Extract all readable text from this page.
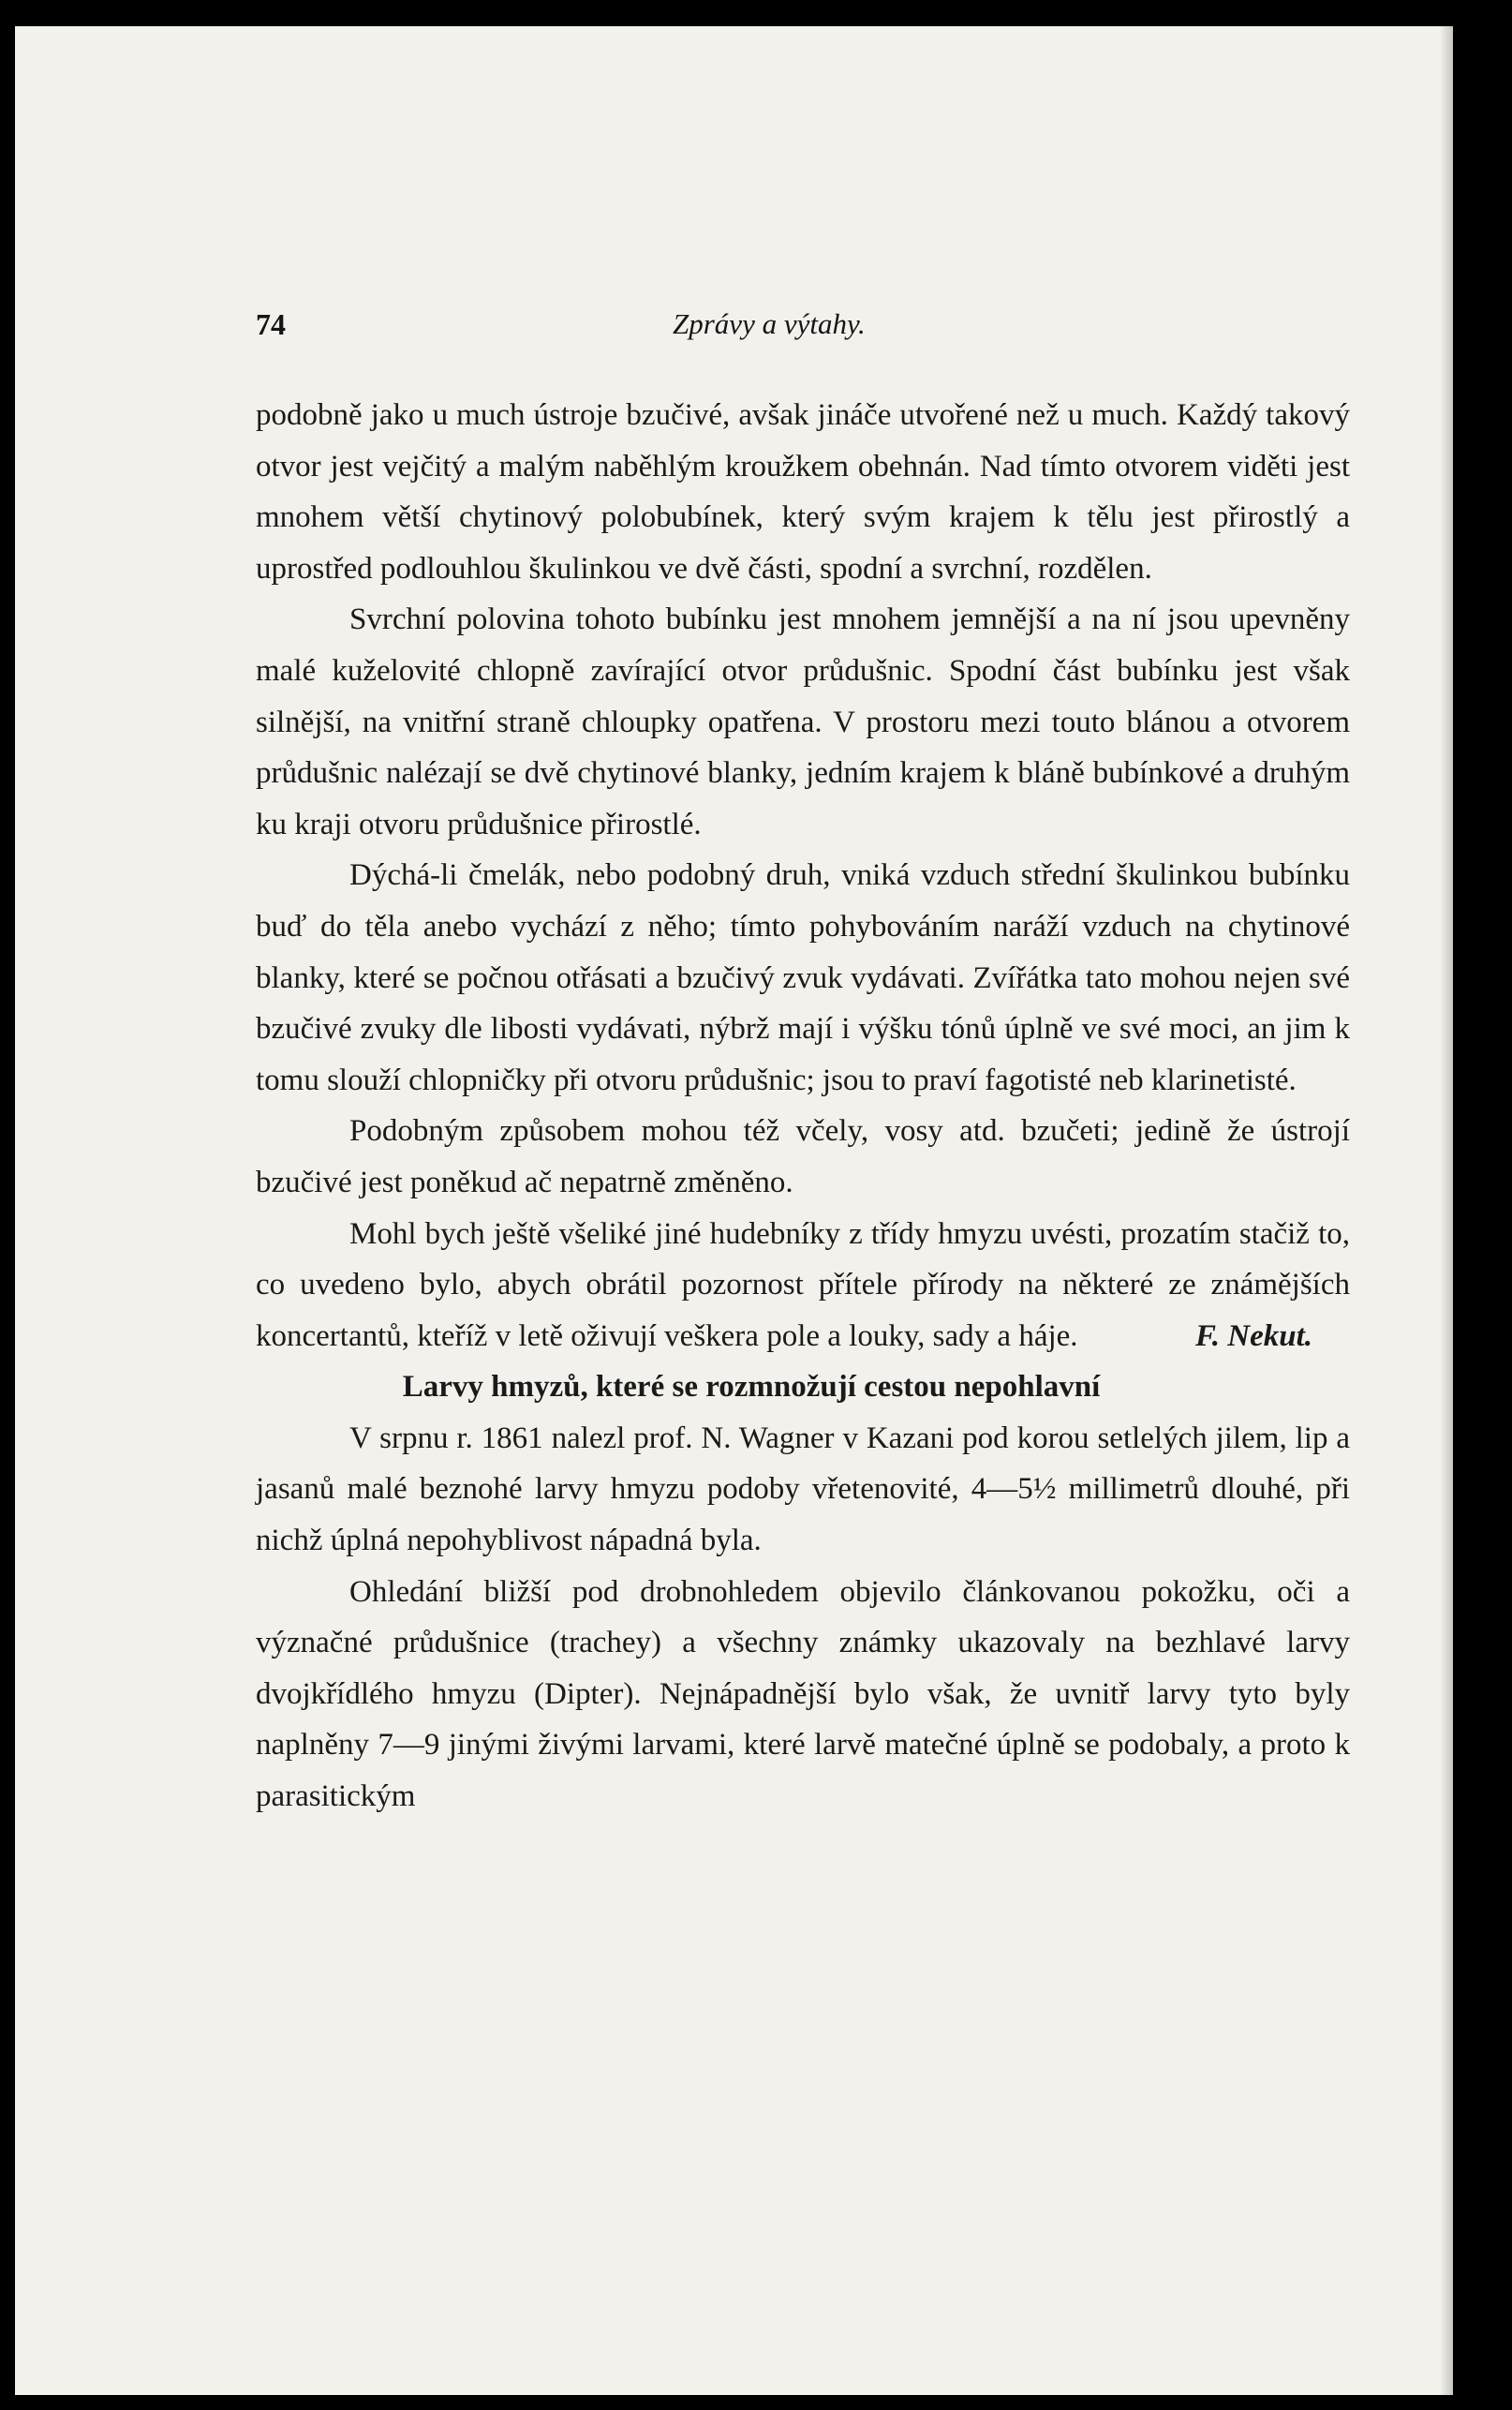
74	Zprávy a výtahy.

podobně jako u much ústroje bzučivé, avšak jináče utvořené než u much. Každý takový otvor jest vejčitý a malým naběhlým kroužkem obehnán. Nad tímto otvorem viděti jest mnohem větší chytinový polobubínek, který svým krajem k tělu jest přirostlý a uprostřed podlouhlou škulinkou ve dvě části, spodní a svrchní, rozdělen.

Svrchní polovina tohoto bubínku jest mnohem jemnější a na ní jsou upevněny malé kuželovité chlopně zavírající otvor průdušnic. Spodní část bubínku jest však silnější, na vnitřní straně chloupky opatřena. V prostoru mezi touto blánou a otvorem průdušnic nalézají se dvě chytinové blanky, jedním krajem k bláně bubínkové a druhým ku kraji otvoru průdušnice přirostlé.

Dýchá-li čmelák, nebo podobný druh, vniká vzduch střední škulinkou bubínku buď do těla anebo vychází z něho; tímto pohybováním naráží vzduch na chytinové blanky, které se počnou otřásati a bzučivý zvuk vydávati. Zvířátka tato mohou nejen své bzučivé zvuky dle libosti vydávati, nýbrž mají i výšku tónů úplně ve své moci, an jim k tomu slouží chlopničky při otvoru průdušnic; jsou to praví fagotisté neb klarinetisté.

Podobným způsobem mohou též včely, vosy atd. bzučeti; jedině že ústrojí bzučivé jest poněkud ač nepatrně změněno.

Mohl bych ještě všeliké jiné hudebníky z třídy hmyzu uvésti, prozatím stačiž to, co uvedeno bylo, abych obrátil pozornost přítele přírody na některé ze známějších koncertantů, kteříž v letě oživují veškera pole a louky, sady a háje.	F. Nekut.

Larvy hmyzů, které se rozmnožují cestou nepohlavní

V srpnu r. 1861 nalezl prof. N. Wagner v Kazani pod korou setlelých jilem, lip a jasanů malé beznohé larvy hmyzu podoby vřetenovité, 4—5½ millimetrů dlouhé, při nichž úplná nepohyblivost nápadná byla.

Ohledání bližší pod drobnohledem objevilo článkovanou pokožku, oči a význačné průdušnice (trachey) a všechny známky ukazovaly na bezhlavé larvy dvojkřídlého hmyzu (Dipter). Nejnápadnější bylo však, že uvnitř larvy tyto byly naplněny 7—9 jinými živými larvami, které larvě matečné úplně se podobaly, a proto k parasitickým
